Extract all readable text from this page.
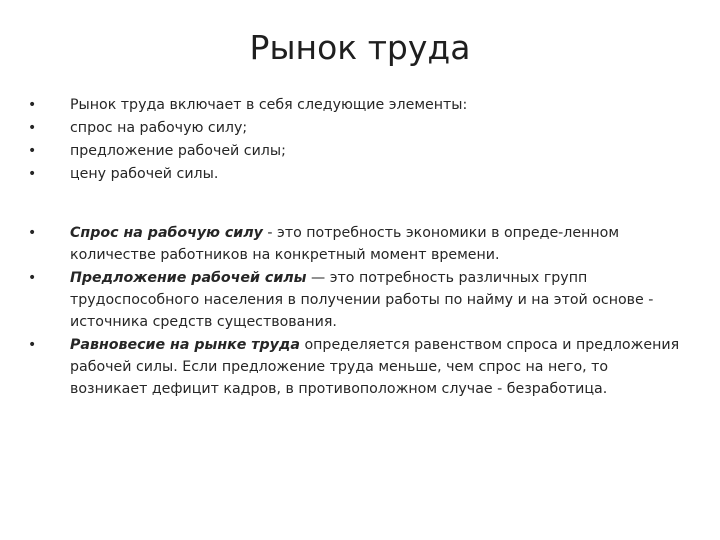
Рынок труда
• Рынок труда включает в себя следующие элементы:
• спрос на рабочую силу;
• предложение рабочей силы;
• цену рабочей силы.
• Спрос на рабочую силу - это потребность экономики в опреде-ленном количестве работников на конкретный момент времени.
• Предложение рабочей силы — это потребность различных групп трудоспособного населения в получении работы по найму и на этой основе - источника средств существования.
• Равновесие на рынке труда определяется равенством спроса и предложения рабочей силы. Если предложение труда меньше, чем спрос на него, то возникает дефицит кадров, в противоположном случае - безработица.
